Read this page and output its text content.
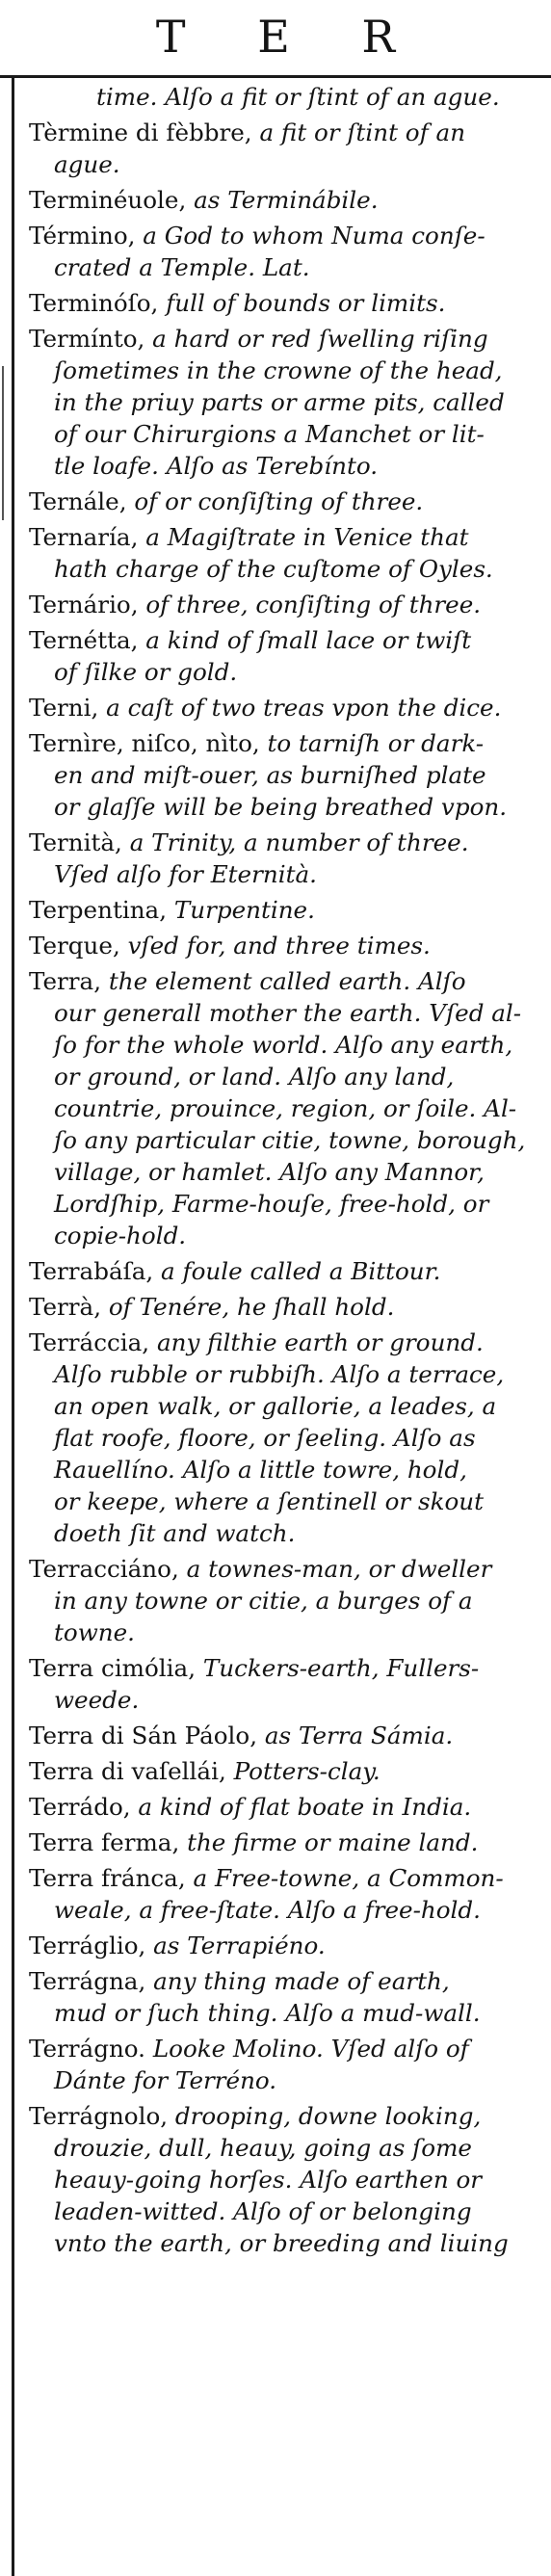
T E R
time. Alſo a fit or ſtint of an ague.
Tèrmine di fèbbre, a fit or ſtint of an
ague.
Terminéuole, as Terminábile.
Término, a God to whom Numa conſe-
crated a Temple. Lat.
Terminóſo, full of bounds or limits.
Termínto, a hard or red ſwelling riſing
ſometimes in the crowne of the head,
in the priuy parts or arme pits, called
of our Chirurgions a Manchet or lit-
tle loafe. Alſo as Terebínto.
Ternále, of or conſiſting of three.
Ternaría, a Magiſtrate in Venice that
hath charge of the cuſtome of Oyles.
Ternário, of three, conſiſting of three.
Ternétta, a kind of ſmall lace or twiſt
of ſilke or gold.
Terni, a caſt of two treas vpon the dice.
Ternìre, niſco, nìto, to tarniſh or dark-
en and miſt-ouer, as burniſhed plate
or glaſſe will be being breathed vpon.
Ternità, a Trinity, a number of three.
Vſed alſo for Eternità.
Terpentina, Turpentine.
Terque, vſed for, and three times.
Terra, the element called earth. Alſo
our generall mother the earth. Vſed al-
ſo for the whole world. Alſo any earth,
or ground, or land. Alſo any land,
countrie, prouince, region, or ſoile. Al-
ſo any particular citie, towne, borough,
village, or hamlet. Alſo any Mannor,
Lordſhip, Farme-houſe, free-hold, or
copie-hold.
Terrabáſa, a foule called a Bittour.
Terrà, of Tenére, he ſhall hold.
Terráccia, any filthie earth or ground.
Alſo rubble or rubbiſh. Alſo a terrace,
an open walk, or gallorie, a leades, a
flat roofe, floore, or ſeeling. Alſo as
Rauellíno. Alſo a little towre, hold,
or keepe, where a ſentinell or skout
doeth ſit and watch.
Terracciáno, a townes-man, or dweller
in any towne or citie, a burges of a
towne.
Terra cimólia, Tuckers-earth, Fullers-
weede.
Terra di Sán Páolo, as Terra Sámia.
Terra di vaſellái, Potters-clay.
Terrádo, a kind of flat boate in India.
Terra ferma, the firme or maine land.
Terra fránca, a Free-towne, a Common-
weale, a free-ſtate. Alſo a free-hold.
Terráglio, as Terrapiéno.
Terrágna, any thing made of earth,
mud or ſuch thing. Alſo a mud-wall.
Terrágno. Looke Molino. Vſed alſo of
Dánte for Terréno.
Terrágnolo, drooping, downe looking,
drouzie, dull, heauy, going as ſome
heauy-going horſes. Alſo earthen or
leaden-witted. Alſo of or belonging
vnto the earth, or breeding and liuing
